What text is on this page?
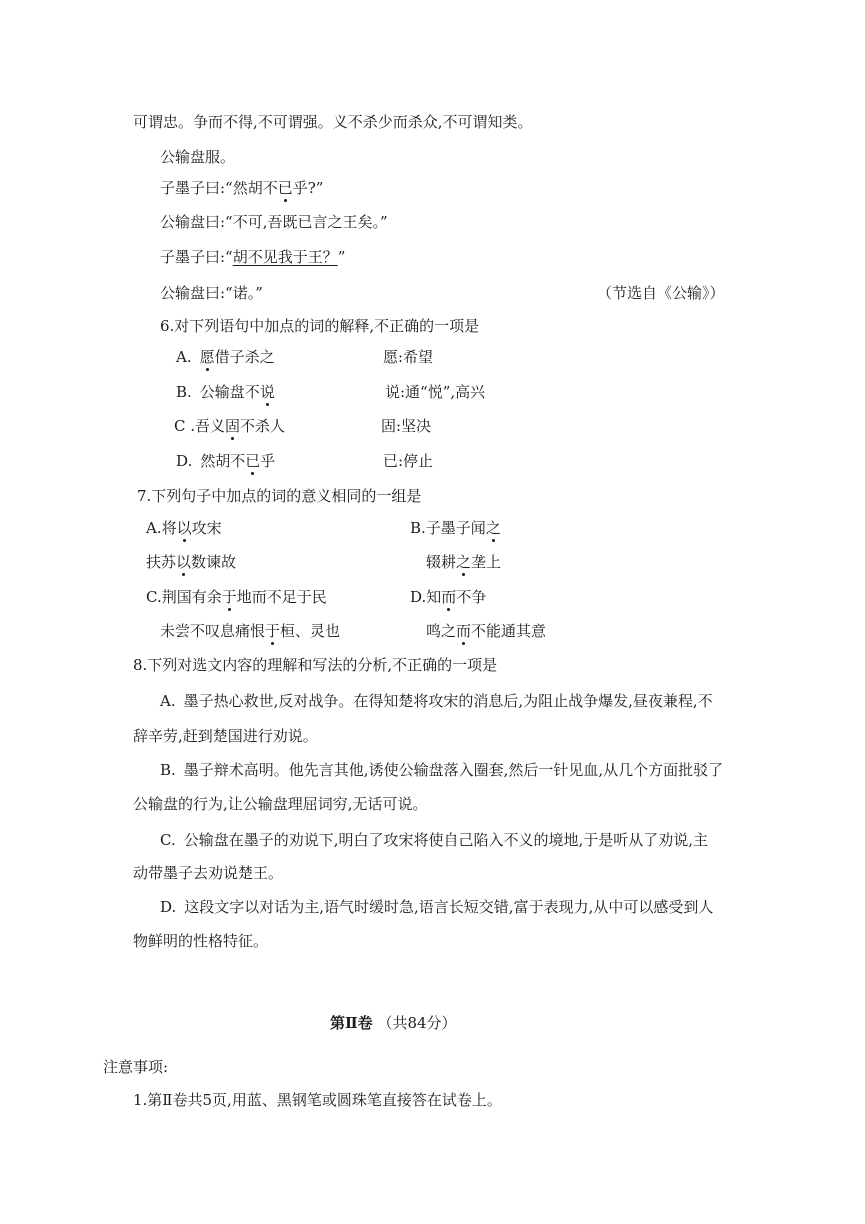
可谓忠。争而不得,不可谓强。义不杀少而杀众,不可谓知类。
公输盘服。
子墨子曰:“然胡不已乎?”
公输盘曰:“不可,吾既已言之王矣。”
子墨子曰:“胡不见我于王？”
公输盘曰:“诺。”	（节选自《公输》）
6.对下列语句中加点的词的解释,不正确的一项是
A. 愿借子杀之	愿:希望
B. 公输盘不说	说:通“悦”,高兴
C .吾义固不杀人	固:坚决
D. 然胡不已乎	已:停止
7.下列句子中加点的词的意义相同的一组是
A.将以攻宋	B.子墨子闻之
扶苏以数谏故	辍耕之垄上
C.荆国有余于地而不足于民	D.知而不争
未尝不叹息痛恨于桓、灵也	鸣之而不能通其意
8.下列对选文内容的理解和写法的分析,不正确的一项是
A. 墨子热心救世,反对战争。在得知楚将攻宋的消息后,为阻止战争爆发,昼夜兼程,不
辞辛劳,赶到楚国进行劝说。
B. 墨子辩术高明。他先言其他,诱使公输盘落入圈套,然后一针见血,从几个方面批驳了
公输盘的行为,让公输盘理屈词穷,无话可说。
C. 公输盘在墨子的劝说下,明白了攻宋将使自己陷入不义的境地,于是听从了劝说,主
动带墨子去劝说楚王。
D. 这段文字以对话为主,语气时缓时急,语言长短交错,富于表现力,从中可以感受到人
物鲜明的性格特征。
第Ⅱ卷 （共84分）
注意事项:
1.第Ⅱ卷共5页,用蓝、黑钢笔或圆珠笔直接答在试卷上。
